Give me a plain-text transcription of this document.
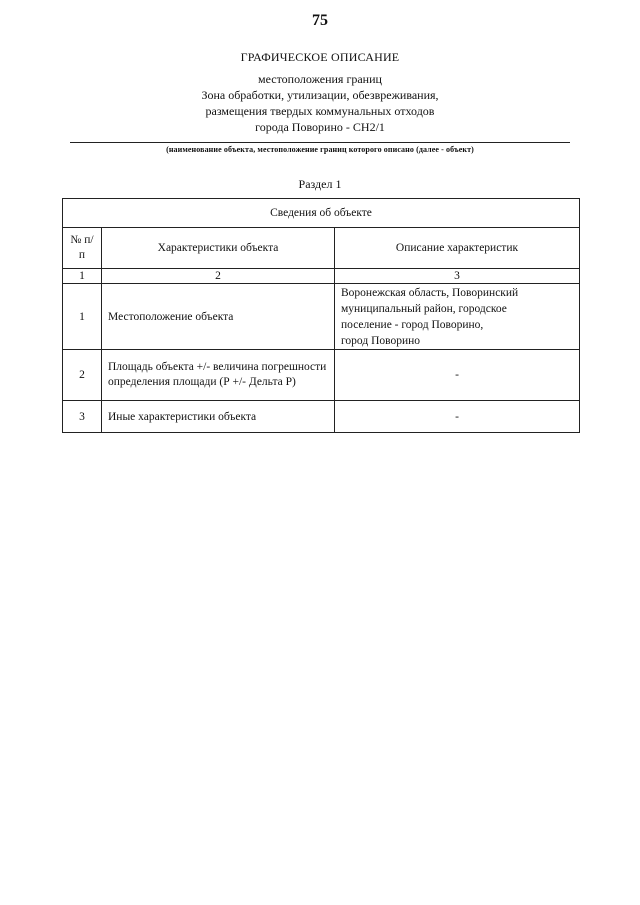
75
ГРАФИЧЕСКОЕ ОПИСАНИЕ
местоположения границ
Зона обработки, утилизации, обезвреживания,
размещения твердых коммунальных отходов
города Поворино - СН2/1
(наименование объекта, местоположение границ которого описано (далее - объект)
Раздел 1
Сведения об объекте		
№ п/п	Характеристики объекта	Описание характеристик
1	2	3
1	Местоположение объекта	Воронежская область, Поворинский
муниципальный район, городское
поселение - город Поворино,
город Поворино

2	Площадь объекта +/- величина погрешности определения площади (Р +/- Дельта Р)	-
3	Иные характеристики объекта	-
